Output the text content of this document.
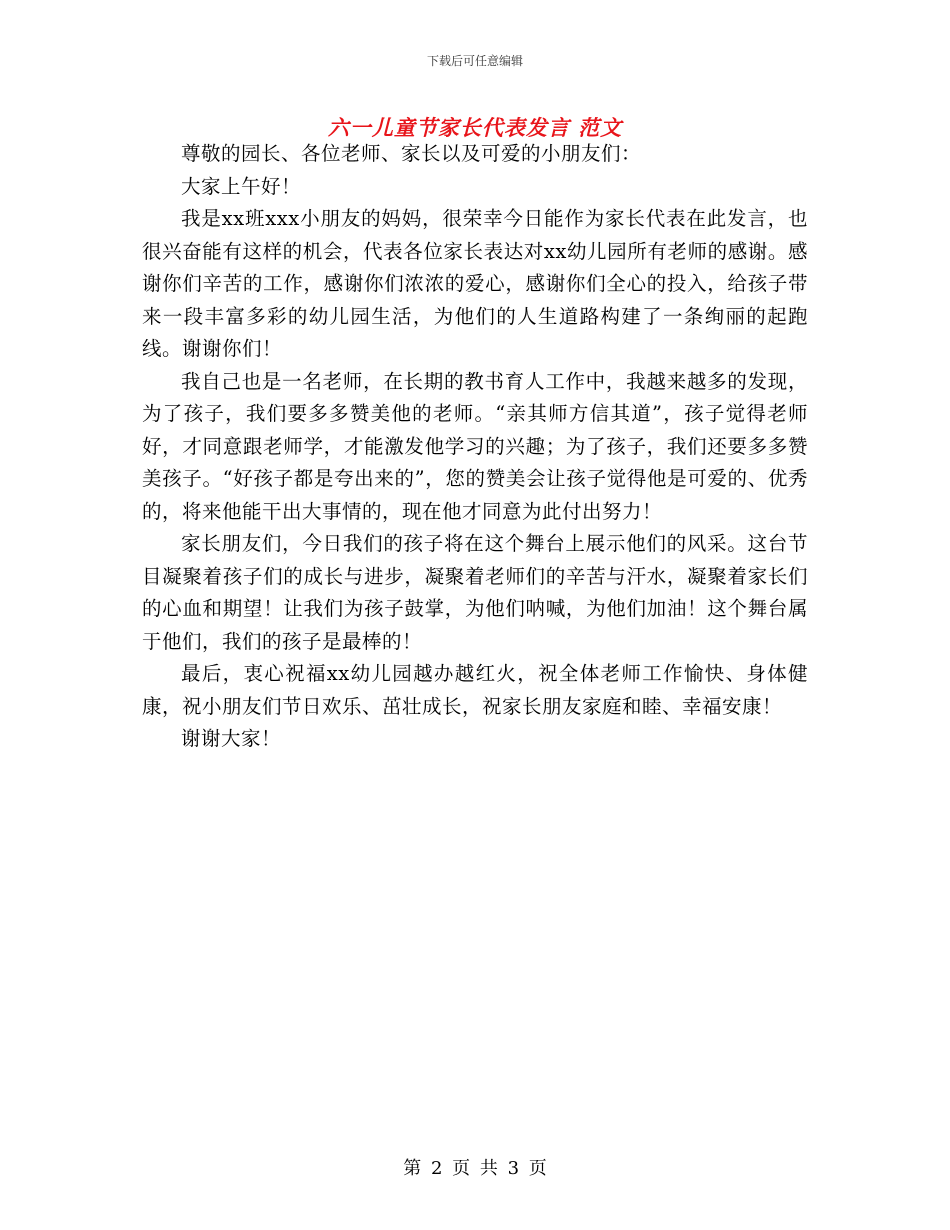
下载后可任意编辑
六一儿童节家长代表发言 范文

尊敬的园长、各位老师、家长以及可爱的小朋友们：

大家上午好！

我是xx班xxx小朋友的妈妈，很荣幸今日能作为家长代表在此发言，也很兴奋能有这样的机会，代表各位家长表达对xx幼儿园所有老师的感谢。感谢你们辛苦的工作，感谢你们浓浓的爱心，感谢你们全心的投入，给孩子带来一段丰富多彩的幼儿园生活，为他们的人生道路构建了一条绚丽的起跑线。谢谢你们！

我自己也是一名老师，在长期的教书育人工作中，我越来越多的发现，为了孩子，我们要多多赞美他的老师。“亲其师方信其道”，孩子觉得老师好，才同意跟老师学，才能激发他学习的兴趣；为了孩子，我们还要多多赞美孩子。“好孩子都是夸出来的”，您的赞美会让孩子觉得他是可爱的、优秀的，将来他能干出大事情的，现在他才同意为此付出努力！

家长朋友们，今日我们的孩子将在这个舞台上展示他们的风采。这台节目凝聚着孩子们的成长与进步，凝聚着老师们的辛苦与汗水，凝聚着家长们的心血和期望！让我们为孩子鼓掌，为他们呐喊，为他们加油！这个舞台属于他们，我们的孩子是最棒的！

最后，衷心祝福xx幼儿园越办越红火，祝全体老师工作愉快、身体健康，祝小朋友们节日欢乐、茁壮成长，祝家长朋友家庭和睦、幸福安康！

谢谢大家！

第 2 页 共 3 页
